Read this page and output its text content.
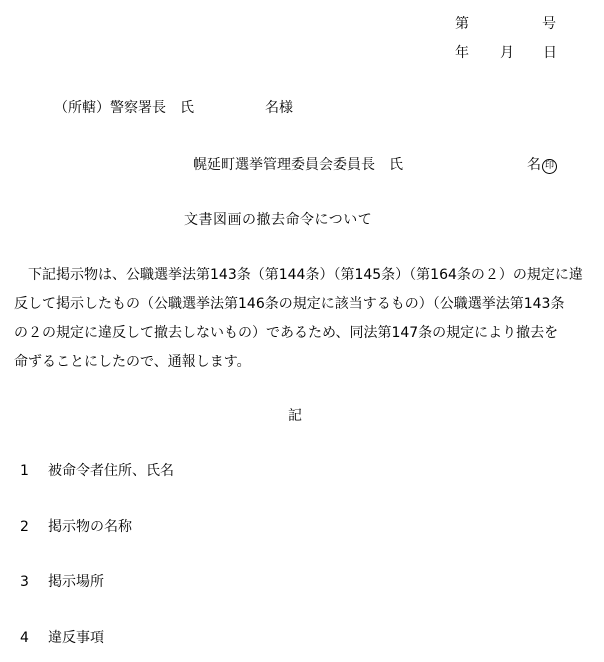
第	号
年 月 日
（所轄）警察署長　氏	名様
幌延町選挙管理委員会委員長　氏	名 印
文書図画の撤去命令について
　下記掲示物は、公職選挙法第143条（第144条）（第145条）（第164条の２）の規定に違
反して掲示したもの（公職選挙法第146条の規定に該当するもの）（公職選挙法第143条
の２の規定に違反して撤去しないもの）であるため、同法第147条の規定により撤去を
命ずることにしたので、通報します。
記
1 被命令者住所、氏名
2 掲示物の名称
3 掲示場所
4 違反事項
